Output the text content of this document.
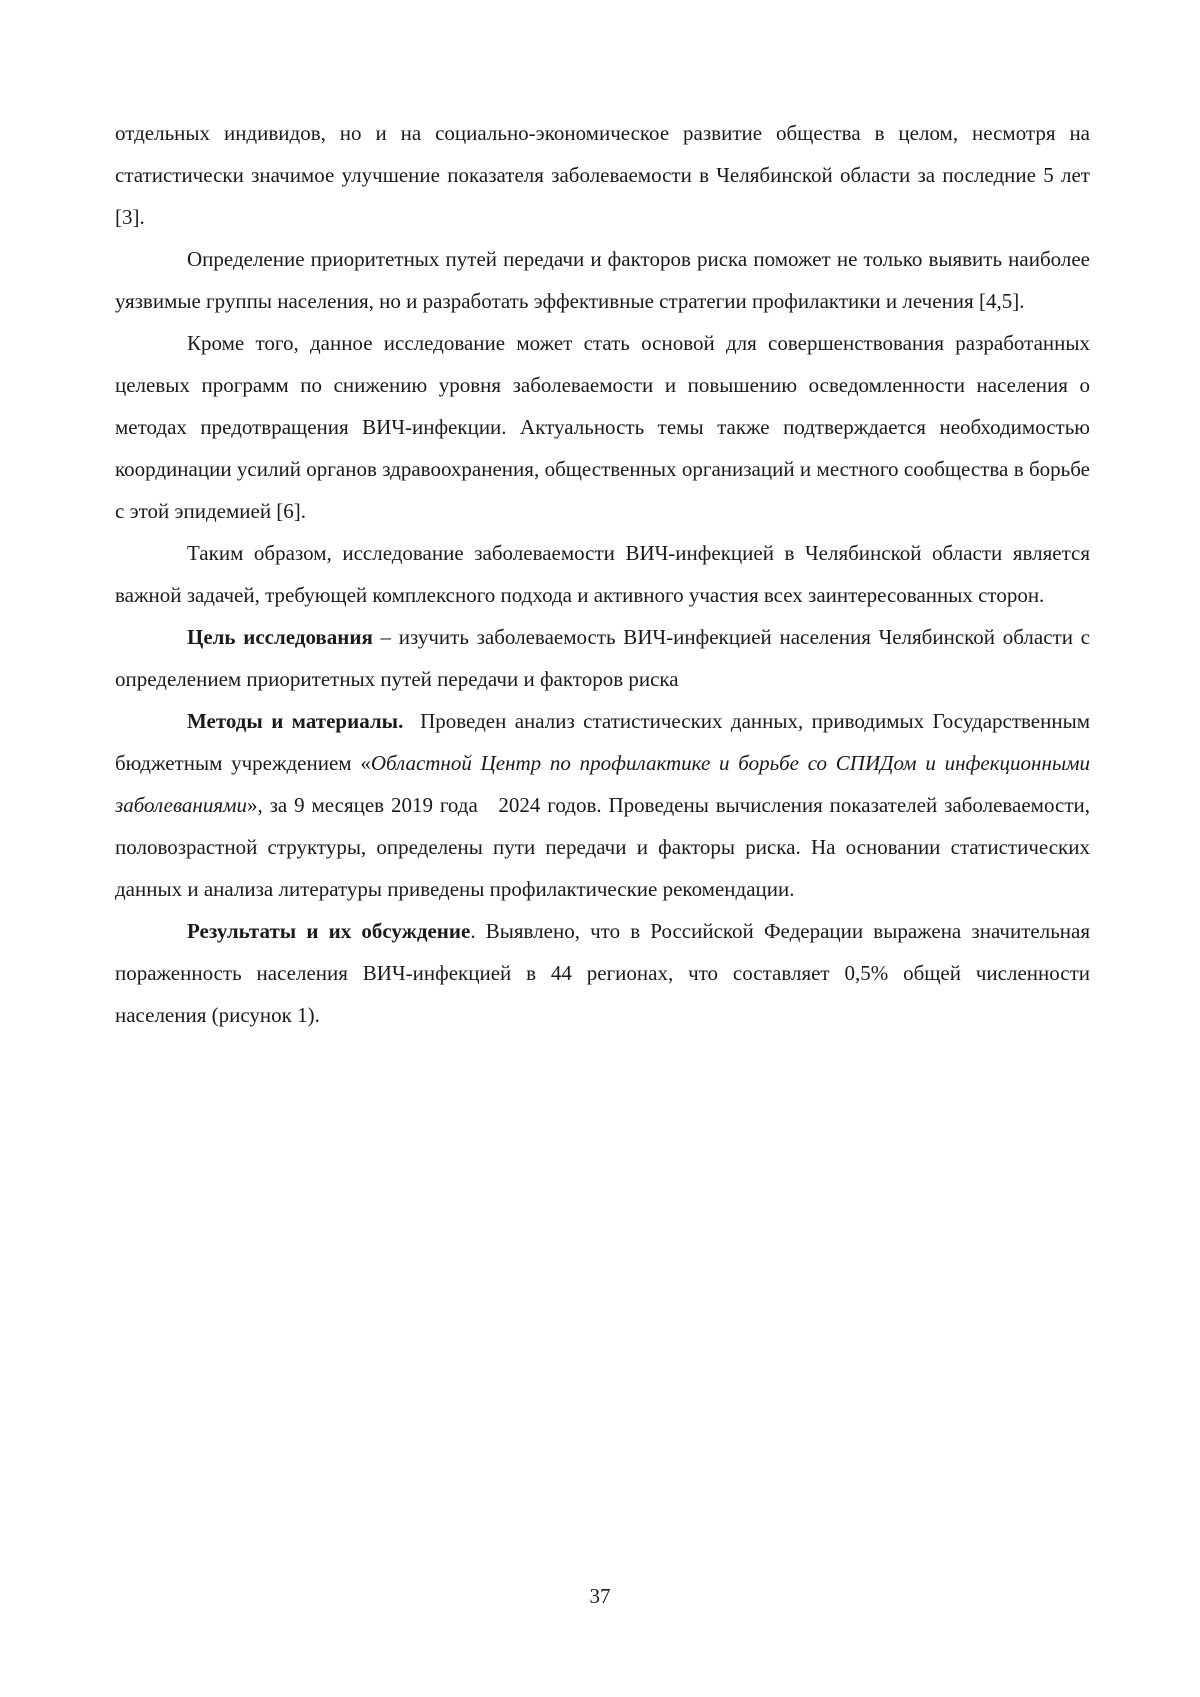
отдельных индивидов, но и на социально-экономическое развитие общества в целом, несмотря на статистически значимое улучшение показателя заболеваемости в Челябинской области за последние 5 лет [3].

Определение приоритетных путей передачи и факторов риска поможет не только выявить наиболее уязвимые группы населения, но и разработать эффективные стратегии профилактики и лечения [4,5].

Кроме того, данное исследование может стать основой для совершенствования разработанных целевых программ по снижению уровня заболеваемости и повышению осведомленности населения о методах предотвращения ВИЧ-инфекции. Актуальность темы также подтверждается необходимостью координации усилий органов здравоохранения, общественных организаций и местного сообщества в борьбе с этой эпидемией [6].

Таким образом, исследование заболеваемости ВИЧ-инфекцией в Челябинской области является важной задачей, требующей комплексного подхода и активного участия всех заинтересованных сторон.

Цель исследования – изучить заболеваемость ВИЧ-инфекцией населения Челябинской области с определением приоритетных путей передачи и факторов риска

Методы и материалы.  Проведен анализ статистических данных, приводимых Государственным бюджетным учреждением «Областной Центр по профилактике и борьбе со СПИДом и инфекционными заболеваниями», за 9 месяцев 2019 года   2024 годов. Проведены вычисления показателей заболеваемости, половозрастной структуры, определены пути передачи и факторы риска. На основании статистических данных и анализа литературы приведены профилактические рекомендации.

Результаты и их обсуждение. Выявлено, что в Российской Федерации выражена значительная пораженность населения ВИЧ-инфекцией в 44 регионах, что составляет 0,5% общей численности населения (рисунок 1).

37
